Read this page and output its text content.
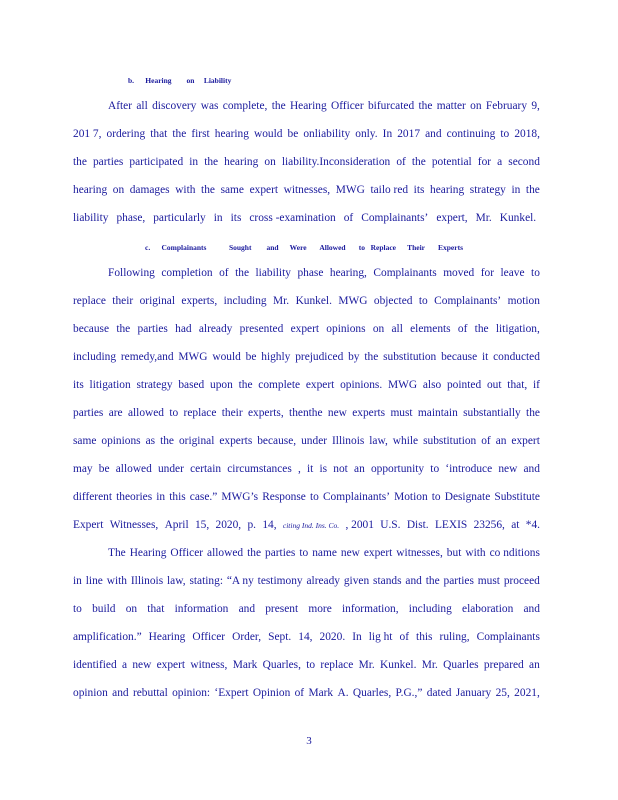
b.      Hearing        on     Liability
c.      Complainants            Sought        and      Were       Allowed       to   Replace      Their       Experts
After all discovery was complete, the Hearing Officer bifurcated the matter on February 9,
201 7, ordering that the first hearing would be onliability only. In 2017 and continuing to 2018,
the parties participated in the hearing on liability.Inconsideration of the potential for a second
hearing on damages with the same expert witnesses, MWG tailo red its hearing strategy in the
liability phase, particularly in its cross -examination of Complainants’ expert, Mr. Kunkel.
Following completion of the liability phase hearing, Complainants moved for leave to
replace their original experts, including Mr. Kunkel. MWG objected to Complainants’ motion
because the parties had already presented expert opinions on all elements of the litigation,
including remedy,and MWG would be highly prejudiced by the substitution because it conducted
its litigation strategy based upon the complete expert opinions. MWG also pointed out that, if
parties are allowed to replace their experts, thenthe new experts must maintain substantially the
same opinions as the original experts because, under Illinois law, while substitution of an expert
may be allowed under certain circumstances , it is not an opportunity to ‘introduce new and
different theories in this case.” MWG’s Response to Complainants’ Motion to Designate Substitute
Expert Witnesses, April 15, 2020, p. 14, citing Ind. Ins. Co. , 2001 U.S. Dist. LEXIS 23256, at *4.
The Hearing Officer allowed the parties to name new expert witnesses, but with co nditions
in line with Illinois law, stating: “A ny testimony already given stands and the parties must proceed
to build on that information and present more information, including elaboration and
amplification.” Hearing Officer Order, Sept. 14, 2020. In lig ht of this ruling, Complainants
identified a new expert witness, Mark Quarles, to replace Mr. Kunkel. Mr. Quarles prepared an
opinion and rebuttal opinion: ‘Expert Opinion of Mark A. Quarles, P.G.,” dated January 25, 2021,
3
